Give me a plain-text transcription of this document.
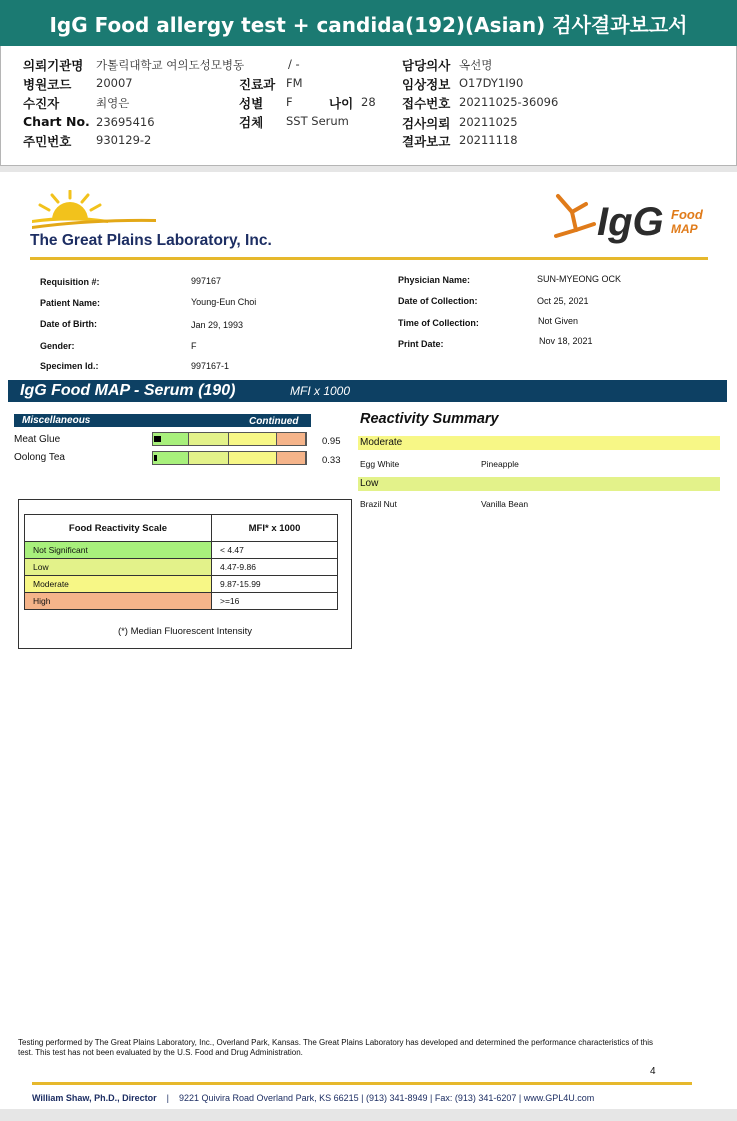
IgG Food allergy test + candida(192)(Asian) 검사결과보고서
의뢰기관명 가톨릭대학교 여의도성모병동	/ -	담당의사 옥선명
병원코드 20007	진료과 FM	임상정보 O17DY1I90
수진자	최영은	성별 F	나이 28 접수번호 20211025-36096
Chart No. 23695416	검체 SST Serum	검사의뢰 20211025
주민번호 930129-2	결과보고 20211118
The Great Plains Laboratory, Inc.	IgG Food
MAP
Requisition #:	997167
Patient Name:	Young-Eun Choi
Date of Birth:	Jan 29, 1993
Gender:	F
Specimen Id.:	997167-1
Physician Name:	SUN-MYEONG OCK
Date of Collection:	Oct 25, 2021
Time of Collection:	Not Given
Print Date:	Nov 18, 2021
IgG Food MAP - Serum (190)	MFI x 1000
Miscellaneous	Continued
Meat Glue	0.95
Oolong Tea	0.33
Reactivity Summary
Moderate
Egg White	Pineapple
Low
Brazil Nut	Vanilla Bean
Food Reactivity Scale	MFI* x 1000
Not Significant	< 4.47
Low	4.47-9.86
Moderate	9.87-15.99
High	>=16
(*) Median Fluorescent Intensity
Testing performed by The Great Plains Laboratory, Inc., Overland Park, Kansas. The Great Plains Laboratory has developed and determined the performance characteristics of this test. This test has not been evaluated by the U.S. Food and Drug Administration.
4
William Shaw, Ph.D., Director | 9221 Quivira Road Overland Park, KS 66215 | (913) 341-8949 | Fax: (913) 341-6207 | www.GPL4U.com
